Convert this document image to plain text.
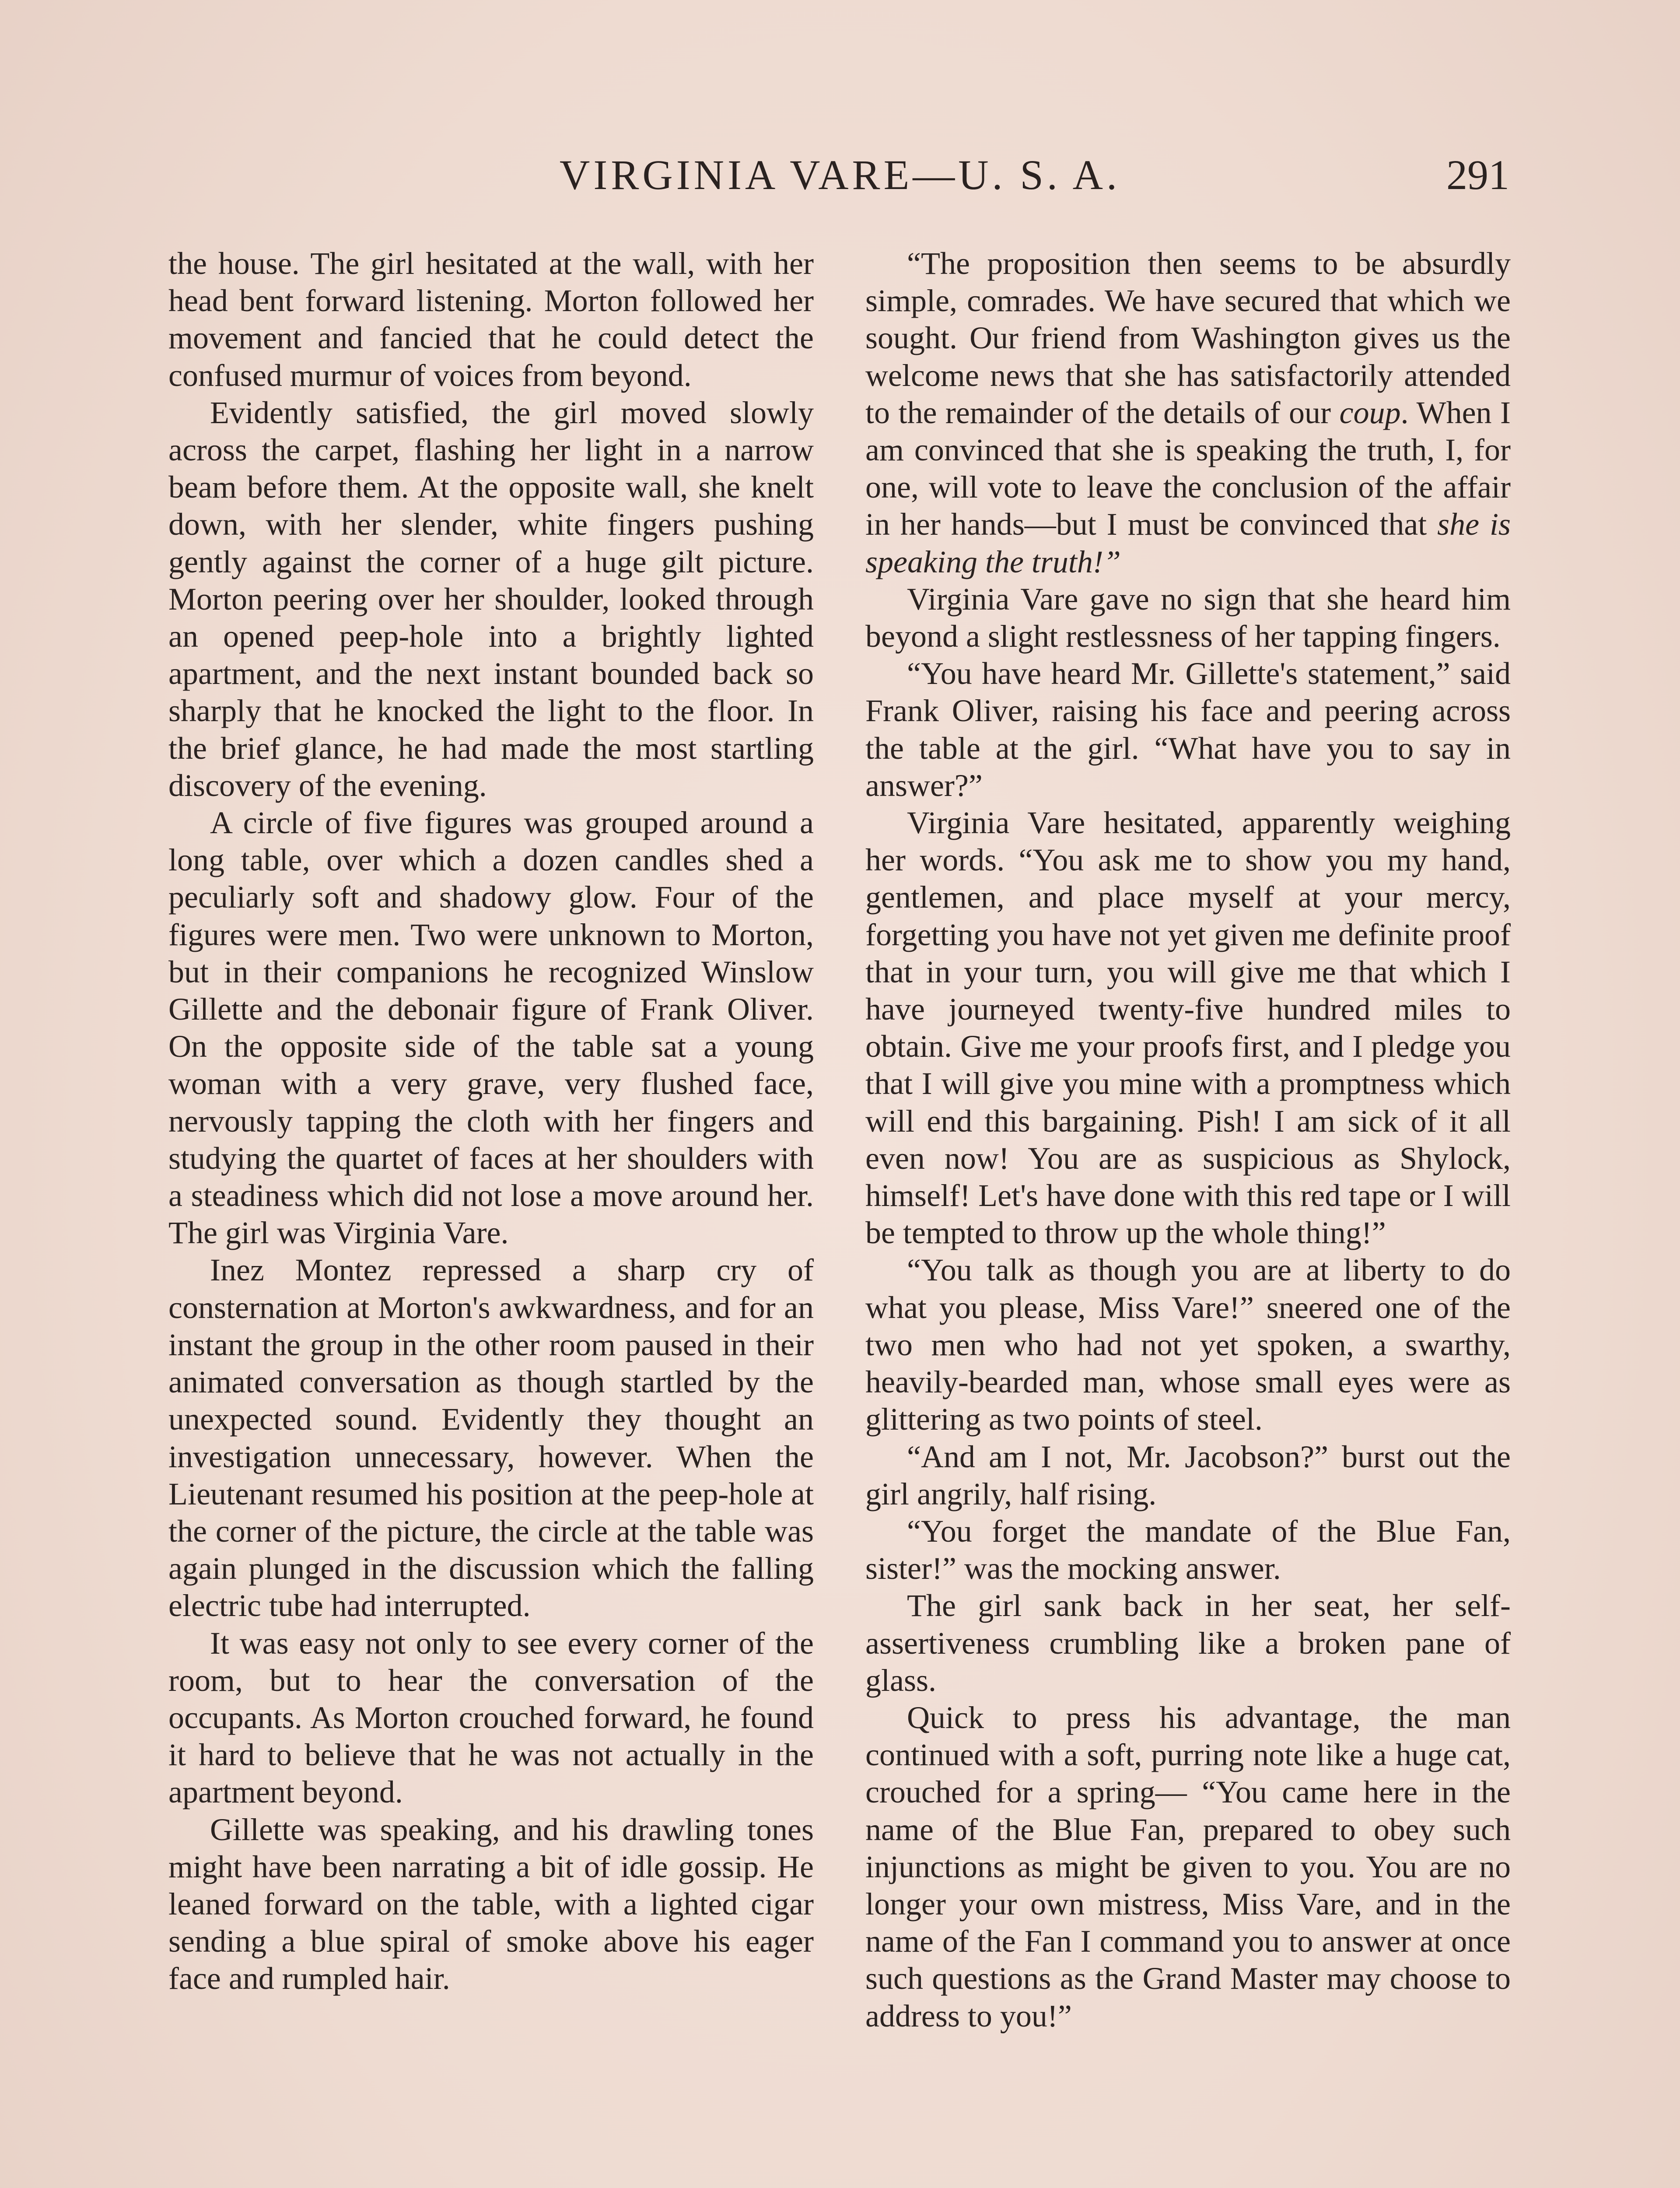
VIRGINIA VARE—U. S. A.	291

the house. The girl hesitated at the wall, with her head bent forward listening. Morton followed her movement and fancied that he could detect the confused murmur of voices from beyond.

Evidently satisfied, the girl moved slowly across the carpet, flashing her light in a narrow beam before them. At the opposite wall, she knelt down, with her slender, white fingers pushing gently against the corner of a huge gilt picture. Morton peering over her shoulder, looked through an opened peep-hole into a brightly lighted apartment, and the next instant bounded back so sharply that he knocked the light to the floor. In the brief glance, he had made the most startling discovery of the evening.

A circle of five figures was grouped around a long table, over which a dozen candles shed a peculiarly soft and shadowy glow. Four of the figures were men. Two were unknown to Morton, but in their companions he recognized Winslow Gillette and the debonair figure of Frank Oliver. On the opposite side of the table sat a young woman with a very grave, very flushed face, nervously tapping the cloth with her fingers and studying the quartet of faces at her shoulders with a steadiness which did not lose a move around her. The girl was Virginia Vare.

Inez Montez repressed a sharp cry of consternation at Morton's awkwardness, and for an instant the group in the other room paused in their animated conversation as though startled by the unexpected sound. Evidently they thought an investigation unnecessary, however. When the Lieutenant resumed his position at the peep-hole at the corner of the picture, the circle at the table was again plunged in the discussion which the falling electric tube had interrupted.

It was easy not only to see every corner of the room, but to hear the conversation of the occupants. As Morton crouched forward, he found it hard to believe that he was not actually in the apartment beyond.

Gillette was speaking, and his drawling tones might have been narrating a bit of idle gossip. He leaned forward on the table, with a lighted cigar sending a blue spiral of smoke above his eager face and rumpled hair.

“The proposition then seems to be absurdly simple, comrades. We have secured that which we sought. Our friend from Washington gives us the welcome news that she has satisfactorily attended to the remainder of the details of our coup. When I am convinced that she is speaking the truth, I, for one, will vote to leave the conclusion of the affair in her hands—but I must be convinced that she is speaking the truth!”

Virginia Vare gave no sign that she heard him beyond a slight restlessness of her tapping fingers.

“You have heard Mr. Gillette's statement,” said Frank Oliver, raising his face and peering across the table at the girl. “What have you to say in answer?”

Virginia Vare hesitated, apparently weighing her words. “You ask me to show you my hand, gentlemen, and place myself at your mercy, forgetting you have not yet given me definite proof that in your turn, you will give me that which I have journeyed twenty-five hundred miles to obtain. Give me your proofs first, and I pledge you that I will give you mine with a promptness which will end this bargaining. Pish! I am sick of it all even now! You are as suspicious as Shylock, himself! Let's have done with this red tape or I will be tempted to throw up the whole thing!”

“You talk as though you are at liberty to do what you please, Miss Vare!” sneered one of the two men who had not yet spoken, a swarthy, heavily-bearded man, whose small eyes were as glittering as two points of steel.

“And am I not, Mr. Jacobson?” burst out the girl angrily, half rising.

“You forget the mandate of the Blue Fan, sister!” was the mocking answer.

The girl sank back in her seat, her self-assertiveness crumbling like a broken pane of glass.

Quick to press his advantage, the man continued with a soft, purring note like a huge cat, crouched for a spring— “You came here in the name of the Blue Fan, prepared to obey such injunctions as might be given to you. You are no longer your own mistress, Miss Vare, and in the name of the Fan I command you to answer at once such questions as the Grand Master may choose to address to you!”
